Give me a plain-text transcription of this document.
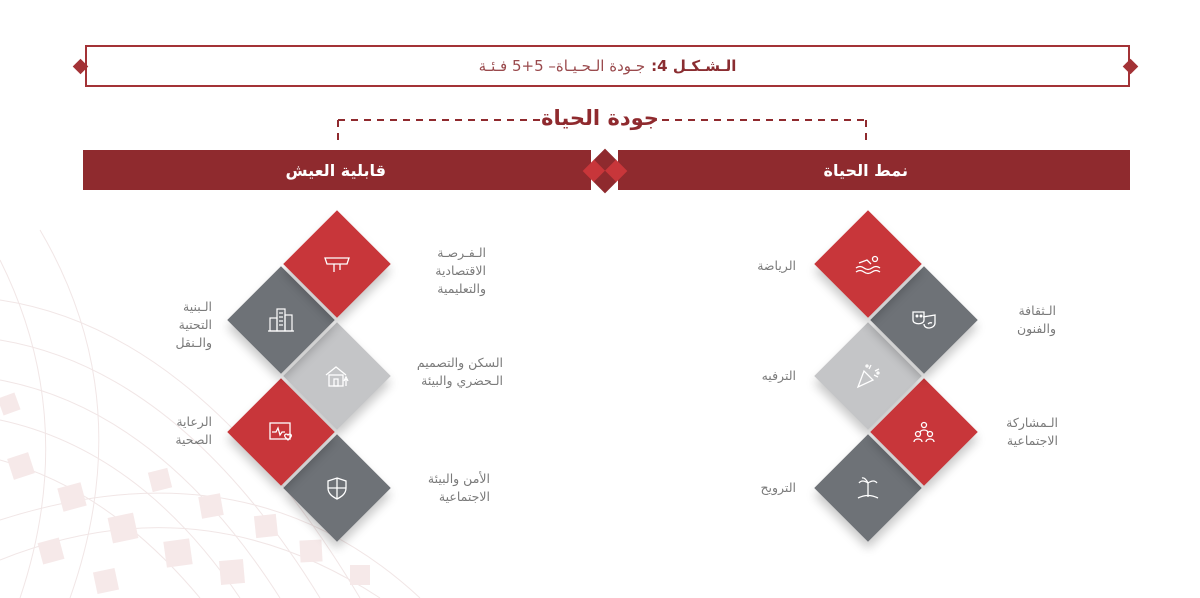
الـشـكـل 4:
جـودة الـحـيـاة– 5+5 فـئـة
جودة الحياة
قابلية العيش	نمط الحياة
الـفـرصـة
الاقتصادية
والتعليمية
الـبنية
التحتية
والـنقل
السكن والتصميم
الـحضري والبيئة
الرعاية
الصحية
الأمن والبيئة
الاجتماعية
الرياضة
الـثقافة
والفنون
الترفيه
الـمشاركة
الاجتماعية
الترويح
